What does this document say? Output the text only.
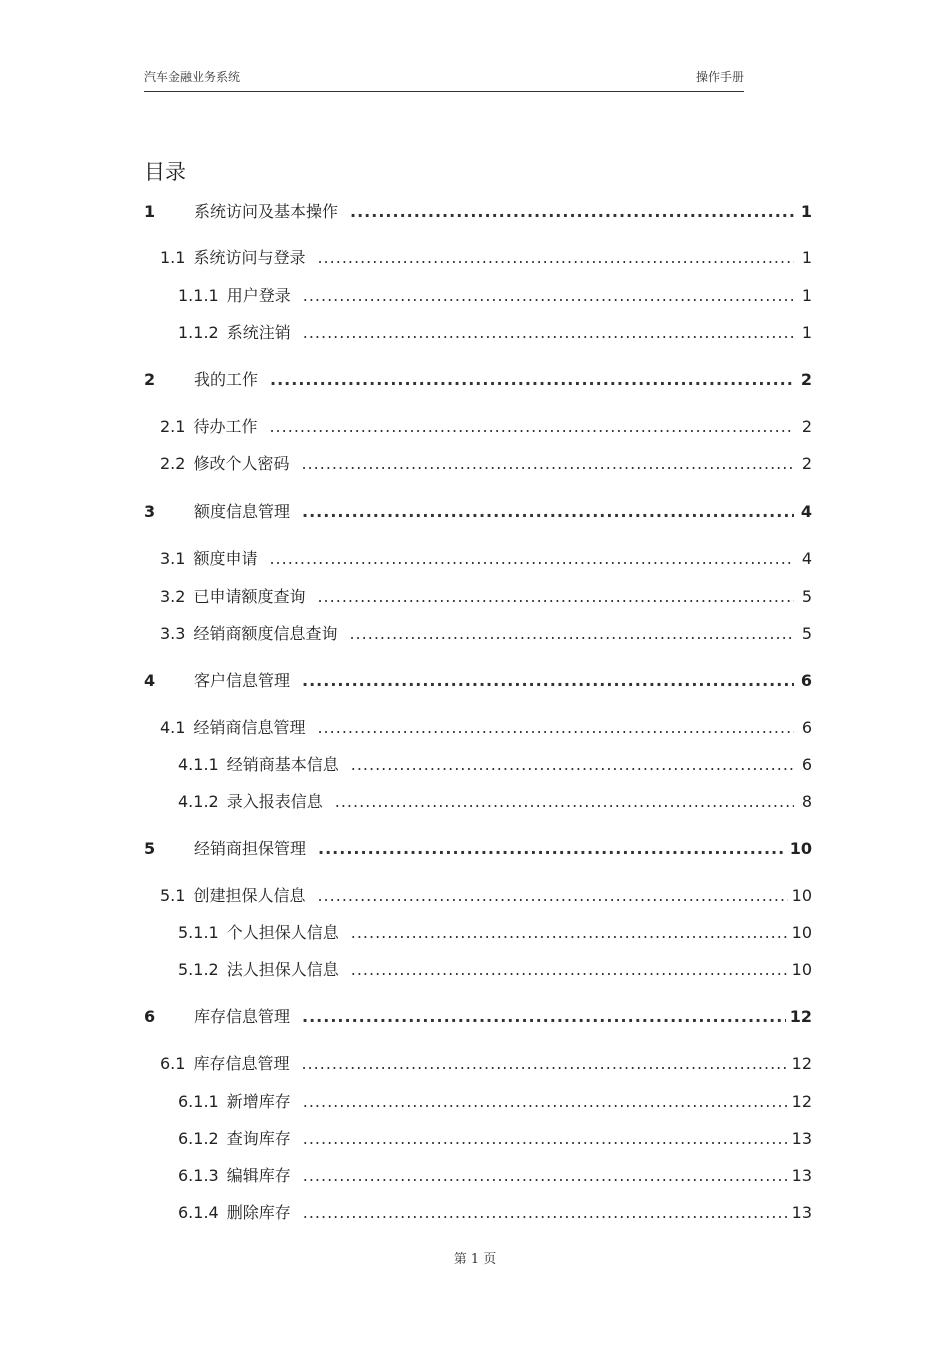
汽车金融业务系统	操作手册
目录
1	系统访问及基本操作 .....	1
1.1 系统访问与登录 .....	1
1.1.1 用户登录 .....	1
1.1.2 系统注销 .....	1
2	我的工作 .....	2
2.1 待办工作 .....	2
2.2 修改个人密码 .....	2
3	额度信息管理 .....	4
3.1 额度申请 .....	4
3.2 已申请额度查询 .....	5
3.3 经销商额度信息查询 .....	5
4	客户信息管理 .....	6
4.1 经销商信息管理 .....	6
4.1.1 经销商基本信息 .....	6
4.1.2 录入报表信息 .....	8
5	经销商担保管理 .....	10
5.1 创建担保人信息 .....	10
5.1.1 个人担保人信息 .....	10
5.1.2 法人担保人信息 .....	10
6	库存信息管理 .....	12
6.1 库存信息管理 .....	12
6.1.1 新增库存 .....	12
6.1.2 查询库存 .....	13
6.1.3 编辑库存 .....	13
6.1.4 删除库存 .....	13
第 1 页
